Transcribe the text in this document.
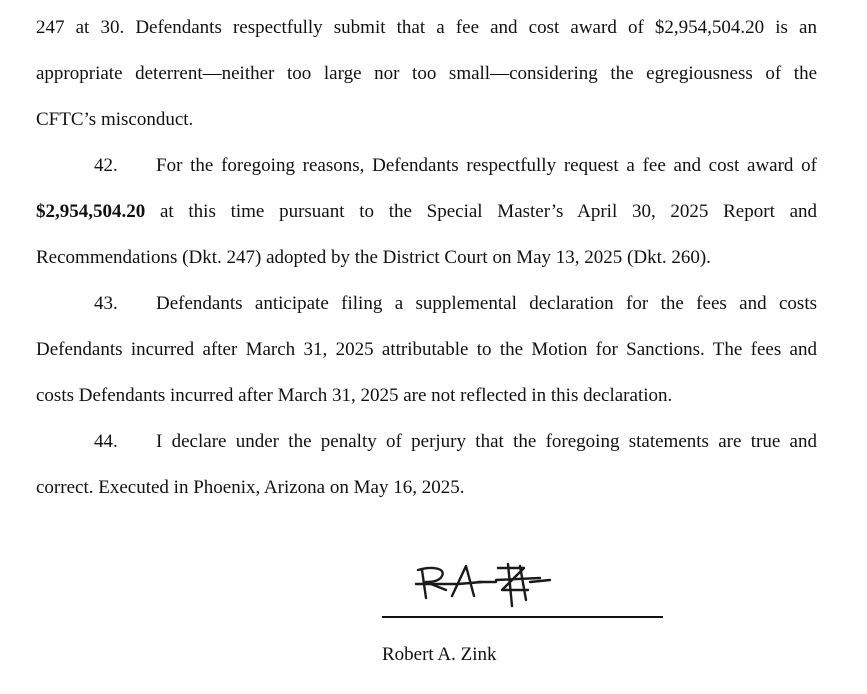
247 at 30. Defendants respectfully submit that a fee and cost award of $2,954,504.20 is an
appropriate deterrent—neither too large nor too small—considering the egregiousness of the
CFTC’s misconduct.
42. For the foregoing reasons, Defendants respectfully request a fee and cost award of
$2,954,504.20 at this time pursuant to the Special Master’s April 30, 2025 Report and
Recommendations (Dkt. 247) adopted by the District Court on May 13, 2025 (Dkt. 260).
43. Defendants anticipate filing a supplemental declaration for the fees and costs
Defendants incurred after March 31, 2025 attributable to the Motion for Sanctions. The fees and
costs Defendants incurred after March 31, 2025 are not reflected in this declaration.
44. I declare under the penalty of perjury that the foregoing statements are true and
correct. Executed in Phoenix, Arizona on May 16, 2025.
Robert A. Zink
